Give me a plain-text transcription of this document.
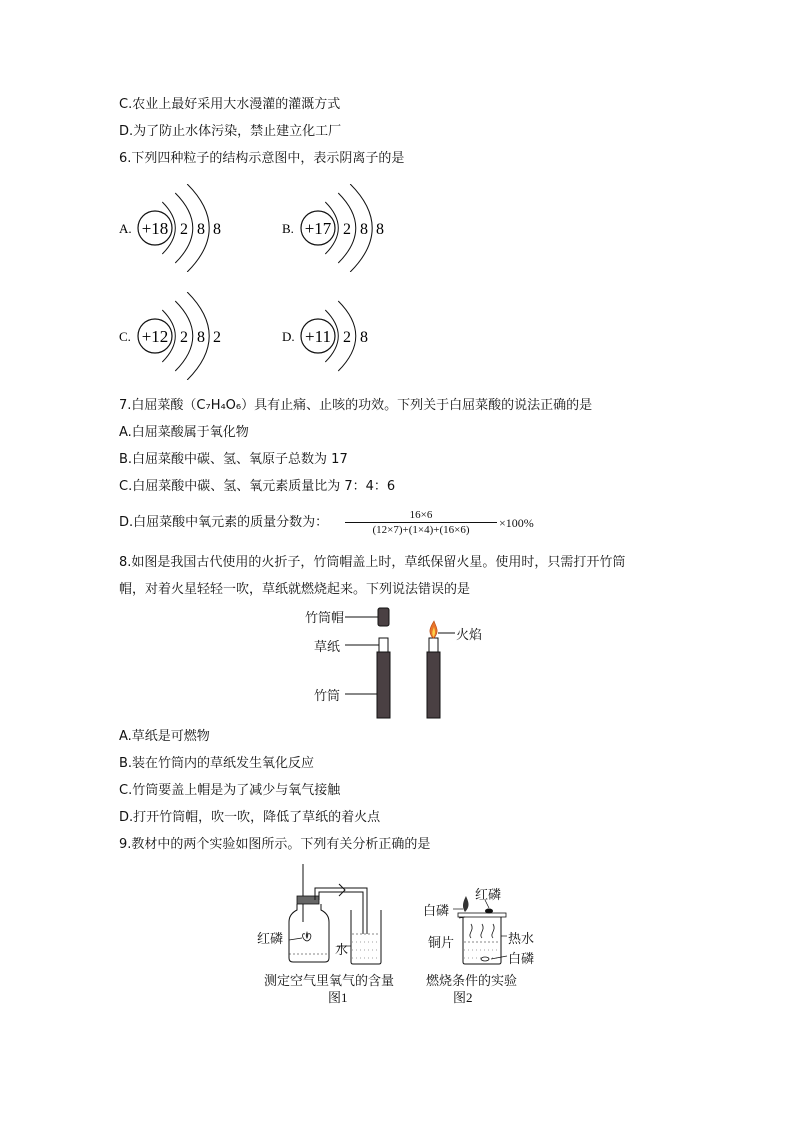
C.农业上最好采用大水漫灌的灌溉方式
D.为了防止水体污染，禁止建立化工厂
6.下列四种粒子的结构示意图中，表示阴离子的是
A. +18 2 8 8	B. +17 2 8 8
C. +12 2 8 2	D. +11 2 8
7.白屈菜酸（C₇H₄O₆）具有止痛、止咳的功效。下列关于白屈菜酸的说法正确的是
A.白屈菜酸属于氧化物
B.白屈菜酸中碳、氢、氧原子总数为 17
C.白屈菜酸中碳、氢、氧元素质量比为 7：4：6
D.白屈菜酸中氧元素的质量分数为：	16×6
(12×7)+(1×4)+(16×6)	×100%
8.如图是我国古代使用的火折子，竹筒帽盖上时，草纸保留火星。使用时，只需打开竹筒
帽，对着火星轻轻一吹，草纸就燃烧起来。下列说法错误的是
竹筒帽
草纸
竹筒
火焰
A.草纸是可燃物
B.装在竹筒内的草纸发生氧化反应
C.竹筒要盖上帽是为了减少与氧气接触
D.打开竹筒帽，吹一吹，降低了草纸的着火点
9.教材中的两个实验如图所示。下列有关分析正确的是
红磷
水
测定空气里氧气的含量
图1
白磷
红磷
铜片	热水
白磷
燃烧条件的实验
图2
